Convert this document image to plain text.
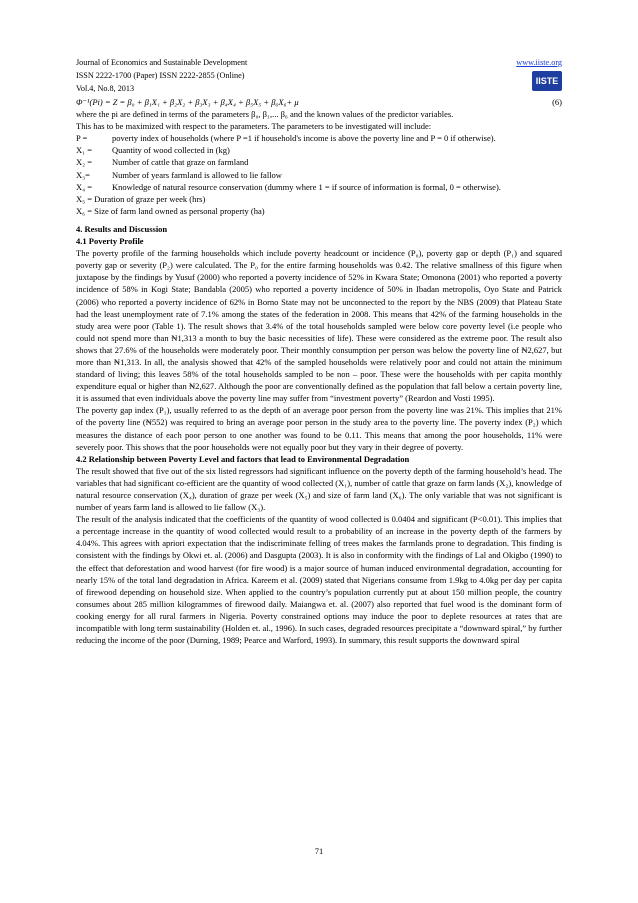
Journal of Economics and Sustainable Development	www.iiste.org
ISSN 2222-1700 (Paper) ISSN 2222-2855 (Online)
Vol.4, No.8, 2013
IISTE
Φ⁻¹(Pi) = Z = β₀ + β₁X₁ + β₂X₂ + β₃X₃ + β₄X₄ + β₅X₅ + β₆X₆+ μ	(6)

where the pi are defined in terms of the parameters β₀, β₁,... β₆ and the known values of the predictor variables.

This has to be maximized with respect to the parameters. The parameters to be investigated will include:

P =	poverty index of households (where P =1 if household's income is above the poverty line and P = 0 if otherwise).
X₁ =	Quantity of wood collected in (kg)
X₂ =	Number of cattle that graze on farmland
X₃=	Number of years farmland is allowed to lie fallow
X₄ =	Knowledge of natural resource conservation (dummy where 1 = if source of information is formal, 0 = otherwise).

X₅ = Duration of graze per week (hrs)

X₆ = Size of farm land owned as personal property (ha)

4. Results and Discussion
4.1 Poverty Profile

The poverty profile of the farming households which include poverty headcount or incidence (P₀), poverty gap or depth (P₁) and squared poverty gap or severity (P₂) were calculated. The P₀ for the entire farming households was 0.42. The relative smallness of this figure when juxtapose by the findings by Yusuf (2000) who reported a poverty incidence of 52% in Kwara State; Omonona (2001) who reported a poverty incidence of 58% in Kogi State; Bandabla (2005) who reported a poverty incidence of 50% in Ibadan metropolis, Oyo State and Patrick (2006) who reported a poverty incidence of 62% in Borno State may not be unconnected to the report by the NBS (2009) that Plateau State had the least unemployment rate of 7.1% among the states of the federation in 2008. This means that 42% of the farming households in the study area were poor (Table 1). The result shows that 3.4% of the total households sampled were below core poverty level (i.e people who could not spend more than ₦1,313 a month to buy the basic necessities of life). These were considered as the extreme poor. The result also shows that 27.6% of the households were moderately poor. Their monthly consumption per person was below the poverty line of ₦2,627, but more than ₦1,313. In all, the analysis showed that 42% of the sampled households were relatively poor and could not attain the minimum standard of living; this leaves 58% of the total households sampled to be non – poor. These were the households with per capita monthly expenditure equal or higher than ₦2,627. Although the poor are conventionally defined as the population that fall below a certain poverty line, it is assumed that even individuals above the poverty line may suffer from “investment poverty” (Reardon and Vosti 1995).

The poverty gap index (P₁), usually referred to as the depth of an average poor person from the poverty line was 21%. This implies that 21% of the poverty line (₦552) was required to bring an average poor person in the study area to the poverty line. The poverty index (P₂) which measures the distance of each poor person to one another was found to be 0.11. This means that among the poor households, 11% were severely poor. This shows that the poor households were not equally poor but they vary in their degree of poverty.

4.2 Relationship between Poverty Level and factors that lead to Environmental Degradation

The result showed that five out of the six listed regressors had significant influence on the poverty depth of the farming household’s head. The variables that had significant co-efficient are the quantity of wood collected (X₁), number of cattle that graze on farm lands (X₂), knowledge of natural resource conservation (X₄), duration of graze per week (X₅) and size of farm land (X₆). The only variable that was not significant is number of years farm land is allowed to lie fallow (X₃).

The result of the analysis indicated that the coefficients of the quantity of wood collected is 0.0404 and significant (P<0.01). This implies that a percentage increase in the quantity of wood collected would result to a probability of an increase in the poverty depth of the farmers by 4.04%. This agrees with apriori expectation that the indiscriminate felling of trees makes the farmlands prone to degradation. This finding is consistent with the findings by Okwi et. al. (2006) and Dasgupta (2003). It is also in conformity with the findings of Lal and Okigbo (1990) to the effect that deforestation and wood harvest (for fire wood) is a major source of human induced environmental degradation, accounting for nearly 15% of the total land degradation in Africa. Kareem et al. (2009) stated that Nigerians consume from 1.9kg to 4.0kg per day per capita of firewood depending on household size. When applied to the country’s population currently put at about 150 million people, the country consumes about 285 million kilogrammes of firewood daily. Maiangwa et. al. (2007) also reported that fuel wood is the dominant form of cooking energy for all rural farmers in Nigeria. Poverty constrained options may induce the poor to deplete resources at rates that are incompatible with long term sustainability (Holden et. al., 1996). In such cases, degraded resources precipitate a “downward spiral,” by further reducing the income of the poor (Durning, 1989; Pearce and Warford, 1993). In summary, this result supports the downward spiral

71
